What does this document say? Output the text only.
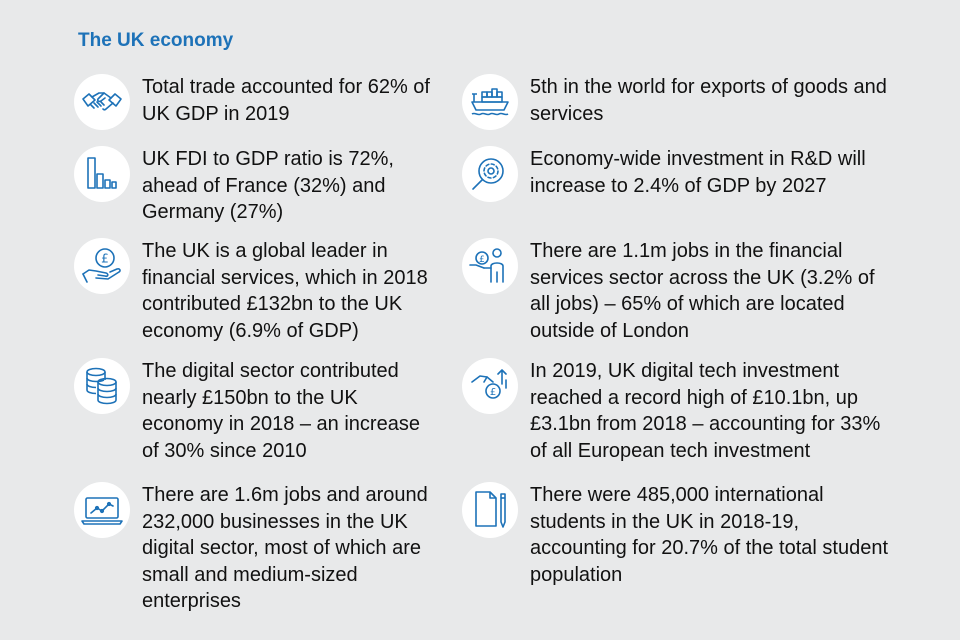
The UK economy
Total trade accounted for 62% of UK GDP in 2019
UK FDI to GDP ratio is 72%, ahead of France (32%) and Germany (27%)
£ The UK is a global leader in financial services, which in 2018 contributed £132bn to the UK economy (6.9% of GDP)
The digital sector contributed nearly £150bn to the UK economy in 2018 – an increase of 30% since 2010
There are 1.6m jobs and around 232,000 businesses in the UK digital sector, most of which are small and medium-sized enterprises
5th in the world for exports of goods and services
Economy-wide investment in R&D will increase to 2.4% of GDP by 2027
£ There are 1.1m jobs in the financial services sector across the UK (3.2% of all jobs) – 65% of which are located outside of London
£
In 2019, UK digital tech investment reached a record high of £10.1bn, up £3.1bn from 2018 – accounting for 33% of all European tech investment
There were 485,000 international students in the UK in 2018-19, accounting for 20.7% of the total student population
